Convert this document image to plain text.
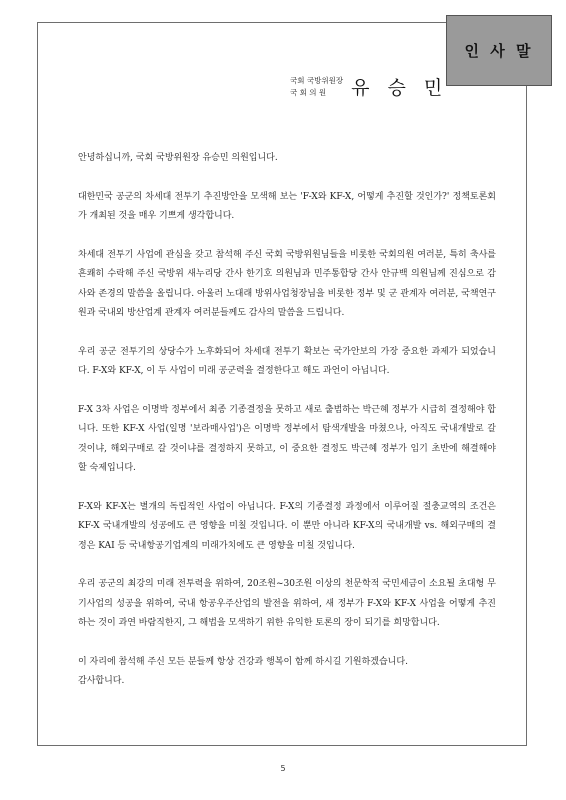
인 사 말
국회 국방위원장
국 회 의 원	유 승 민

안녕하십니까, 국회 국방위원장 유승민 의원입니다.

대한민국 공군의 차세대 전투기 추진방안을 모색해 보는 'F-X와 KF-X, 어떻게 추진할 것인가?' 정책토론회가 개최된 것을 매우 기쁘게 생각합니다.

차세대 전투기 사업에 관심을 갖고 참석해 주신 국회 국방위원님들을 비롯한 국회의원 여러분, 특히 축사를 흔쾌히 수락해 주신 국방위 새누리당 간사 한기호 의원님과 민주통합당 간사 안규백 의원님께 진심으로 감사와 존경의 말씀을 올립니다. 아울러 노대래 방위사업청장님을 비롯한 정부 및 군 관계자 여러분, 국책연구원과 국내외 방산업계 관계자 여러분들께도 감사의 말씀을 드립니다.

우리 공군 전투기의 상당수가 노후화되어 차세대 전투기 확보는 국가안보의 가장 중요한 과제가 되었습니다. F-X와 KF-X, 이 두 사업이 미래 공군력을 결정한다고 해도 과언이 아닙니다.

F-X 3차 사업은 이명박 정부에서 최종 기종결정을 못하고 새로 출범하는 박근혜 정부가 시급히 결정해야 합니다. 또한 KF-X 사업(일명 '보라매사업')은 이명박 정부에서 탐색개발을 마쳤으나, 아직도 국내개발로 갈 것이냐, 해외구매로 갈 것이냐를 결정하지 못하고, 이 중요한 결정도 박근혜 정부가 임기 초반에 해결해야 할 숙제입니다.

F-X와 KF-X는 별개의 독립적인 사업이 아닙니다. F-X의 기종결정 과정에서 이루어질 절충교역의 조건은 KF-X 국내개발의 성공에도 큰 영향을 미칠 것입니다. 이 뿐만 아니라 KF-X의 국내개발 vs. 해외구매의 결정은 KAI 등 국내항공기업계의 미래가치에도 큰 영향을 미칠 것입니다.

우리 공군의 최강의 미래 전투력을 위하여, 20조원~30조원 이상의 천문학적 국민세금이 소요될 초대형 무기사업의 성공을 위하여, 국내 항공우주산업의 발전을 위하여, 새 정부가 F-X와 KF-X 사업을 어떻게 추진하는 것이 과연 바람직한지, 그 해법을 모색하기 위한 유익한 토론의 장이 되기를 희망합니다.

이 자리에 참석해 주신 모든 분들께 항상 건강과 행복이 함께 하시길 기원하겠습니다.

감사합니다.

5
